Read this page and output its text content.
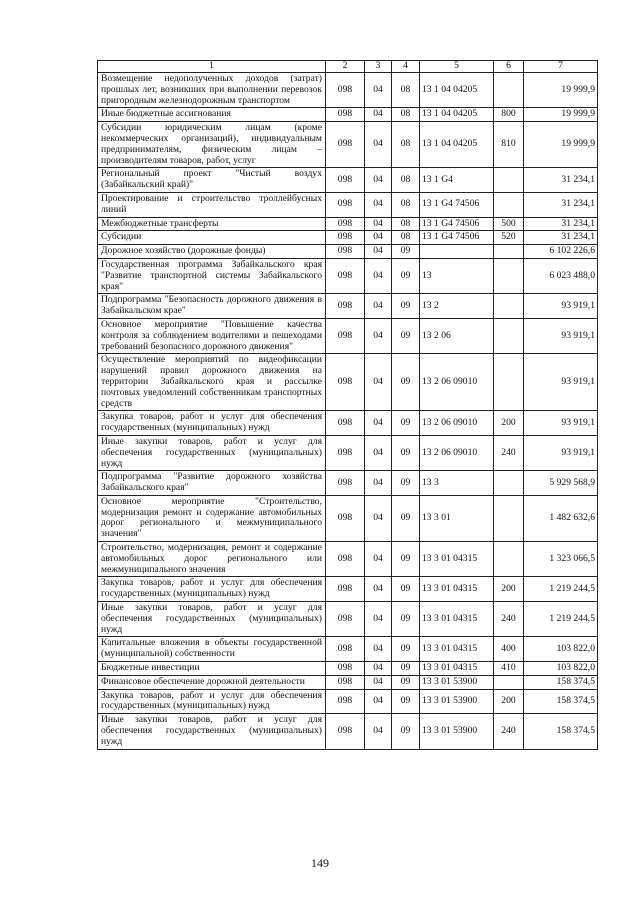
1	2	3	4	5	6	7
Возмещение недополученных доходов (затрат) прошлых лет, возникших при выполнении перевозок пригородным железнодорожным транспортом	098	04	08	13 1 04 04205		19 999,9
Иные бюджетные ассигнования	098	04	08	13 1 04 04205	800	19 999,9
Субсидии юридическим лицам (кроме некоммерческих организаций), индивидуальным предпринимателям, физическим лицам – производителям товаров, работ, услуг	098	04	08	13 1 04 04205	810	19 999,9
Региональный проект "Чистый воздух (Забайкальский край)"	098	04	08	13 1 G4		31 234,1
Проектирование и строительство троллейбусных линий	098	04	08	13 1 G4 74506		31 234,1
Межбюджетные трансферты	098	04	08	13 1 G4 74506	500	31 234,1
Субсидии	098	04	08	13 1 G4 74506	520	31 234,1
Дорожное хозяйство (дорожные фонды)	098	04	09			6 102 226,6
Государственная программа Забайкальского края "Развитие транспортной системы Забайкальского края"	098	04	09	13		6 023 488,0
Подпрограмма "Безопасность дорожного движения в Забайкальском крае"	098	04	09	13 2		93 919,1
Основное мероприятие "Повышение качества контроля за соблюдением водителями и пешеходами требований безопасного дорожного движения"	098	04	09	13 2 06		93 919,1
Осуществление мероприятий по видеофиксации нарушений правил дорожного движения на территории Забайкальского края и рассылке почтовых уведомлений собственникам транспортных средств	098	04	09	13 2 06 09010		93 919,1
Закупка товаров, работ и услуг для обеспечения государственных (муниципальных) нужд	098	04	09	13 2 06 09010	200	93 919,1
Иные закупки товаров, работ и услуг для обеспечения государственных (муниципальных) нужд	098	04	09	13 2 06 09010	240	93 919,1
Подпрограмма "Развитие дорожного хозяйства Забайкальского края"	098	04	09	13 3		5 929 568,9
Основное мероприятие "Строительство, модернизация ремонт и содержание автомобильных дорог регионального и межмуниципального значения"	098	04	09	13 3 01		1 482 632,6
Строительство, модернизация, ремонт и содержание автомобильных дорог регионального или межмуниципального значения	098	04	09	13 3 01 04315		1 323 066,5
Закупка товаров, работ и услуг для обеспечения государственных (муниципальных) нужд	098	04	09	13 3 01 04315	200	1 219 244,5
Иные закупки товаров, работ и услуг для обеспечения государственных (муниципальных) нужд	098	04	09	13 3 01 04315	240	1 219 244,5
Капитальные вложения в объекты государственной (муниципальной) собственности	098	04	09	13 3 01 04315	400	103 822,0
Бюджетные инвестиции	098	04	09	13 3 01 04315	410	103 822,0
Финансовое обеспечение дорожной деятельности	098	04	09	13 3 01 53900		158 374,5
Закупка товаров, работ и услуг для обеспечения государственных (муниципальных) нужд	098	04	09	13 3 01 53900	200	158 374,5
Иные закупки товаров, работ и услуг для обеспечения государственных (муниципальных) нужд	098	04	09	13 3 01 53900	240	158 374,5
149
